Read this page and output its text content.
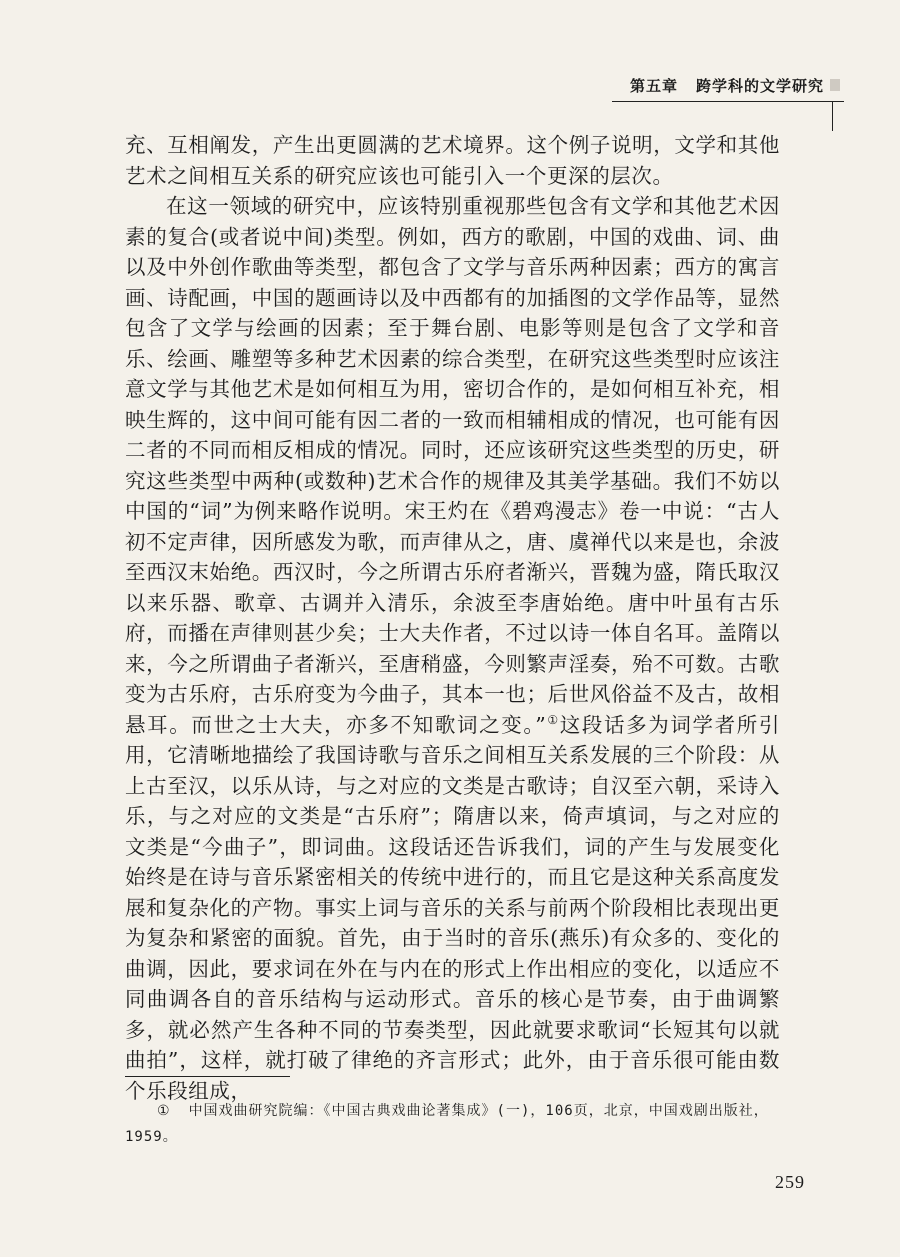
第五章 跨学科的文学研究

充、互相阐发，产生出更圆满的艺术境界。这个例子说明，文学和其他艺术之间相互关系的研究应该也可能引入一个更深的层次。

在这一领域的研究中，应该特别重视那些包含有文学和其他艺术因素的复合(或者说中间)类型。例如，西方的歌剧，中国的戏曲、词、曲以及中外创作歌曲等类型，都包含了文学与音乐两种因素；西方的寓言画、诗配画，中国的题画诗以及中西都有的加插图的文学作品等，显然包含了文学与绘画的因素；至于舞台剧、电影等则是包含了文学和音乐、绘画、雕塑等多种艺术因素的综合类型，在研究这些类型时应该注意文学与其他艺术是如何相互为用，密切合作的，是如何相互补充，相映生辉的，这中间可能有因二者的一致而相辅相成的情况，也可能有因二者的不同而相反相成的情况。同时，还应该研究这些类型的历史，研究这些类型中两种(或数种)艺术合作的规律及其美学基础。我们不妨以中国的“词”为例来略作说明。宋王灼在《碧鸡漫志》卷一中说：“古人初不定声律，因所感发为歌，而声律从之，唐、虞禅代以来是也，余波至西汉末始绝。西汉时，今之所谓古乐府者渐兴，晋魏为盛，隋氏取汉以来乐器、歌章、古调并入清乐，余波至李唐始绝。唐中叶虽有古乐府，而播在声律则甚少矣；士大夫作者，不过以诗一体自名耳。盖隋以来，今之所谓曲子者渐兴，至唐稍盛，今则繁声淫奏，殆不可数。古歌变为古乐府，古乐府变为今曲子，其本一也；后世风俗益不及古，故相悬耳。而世之士大夫，亦多不知歌词之变。”①这段话多为词学者所引用，它清晰地描绘了我国诗歌与音乐之间相互关系发展的三个阶段：从上古至汉，以乐从诗，与之对应的文类是古歌诗；自汉至六朝，采诗入乐，与之对应的文类是“古乐府”；隋唐以来，倚声填词，与之对应的文类是“今曲子”，即词曲。这段话还告诉我们，词的产生与发展变化始终是在诗与音乐紧密相关的传统中进行的，而且它是这种关系高度发展和复杂化的产物。事实上词与音乐的关系与前两个阶段相比表现出更为复杂和紧密的面貌。首先，由于当时的音乐(燕乐)有众多的、变化的曲调，因此，要求词在外在与内在的形式上作出相应的变化，以适应不同曲调各自的音乐结构与运动形式。音乐的核心是节奏，由于曲调繁多，就必然产生各种不同的节奏类型，因此就要求歌词“长短其句以就曲拍”，这样，就打破了律绝的齐言形式；此外，由于音乐很可能由数个乐段组成，

① 中国戏曲研究院编：《中国古典戏曲论著集成》(一)，106页，北京，中国戏剧出版社，1959。
259
